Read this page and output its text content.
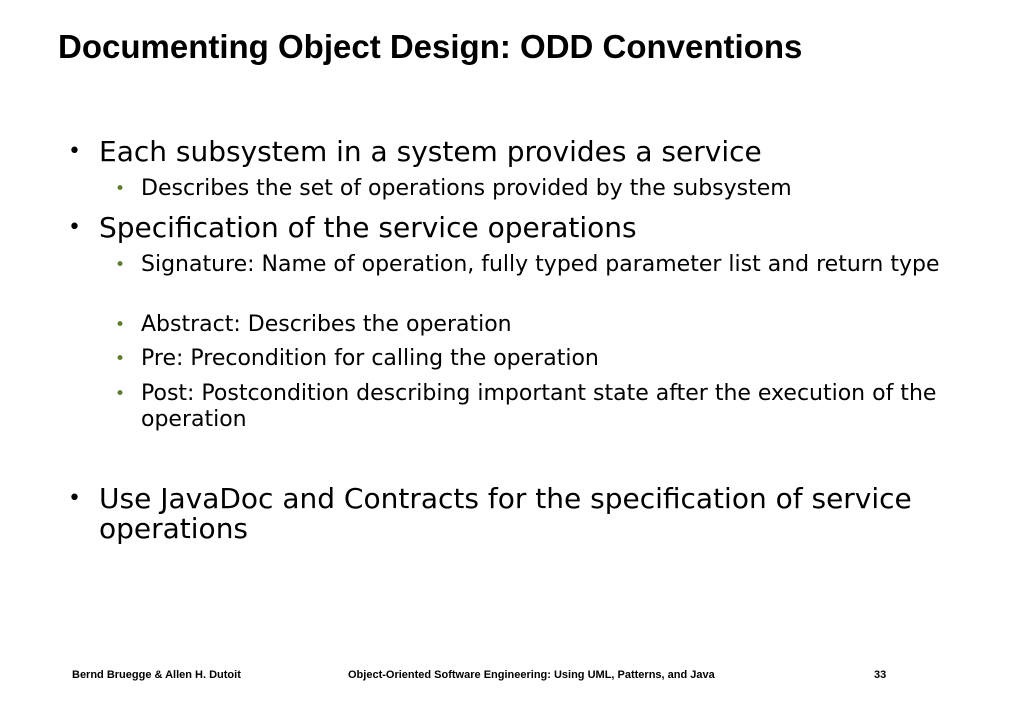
Documenting Object Design: ODD Conventions
• Each subsystem in a system provides a service
• Describes the set of operations provided by the subsystem
• Specification of the service operations
• Signature: Name of operation, fully typed parameter list and return type
• Abstract: Describes the operation
• Pre: Precondition for calling the operation
• Post: Postcondition describing important state after the execution of the operation
• Use JavaDoc and Contracts for the specification of service operations
Bernd Bruegge & Allen H. Dutoit	Object-Oriented Software Engineering: Using UML, Patterns, and Java	33
